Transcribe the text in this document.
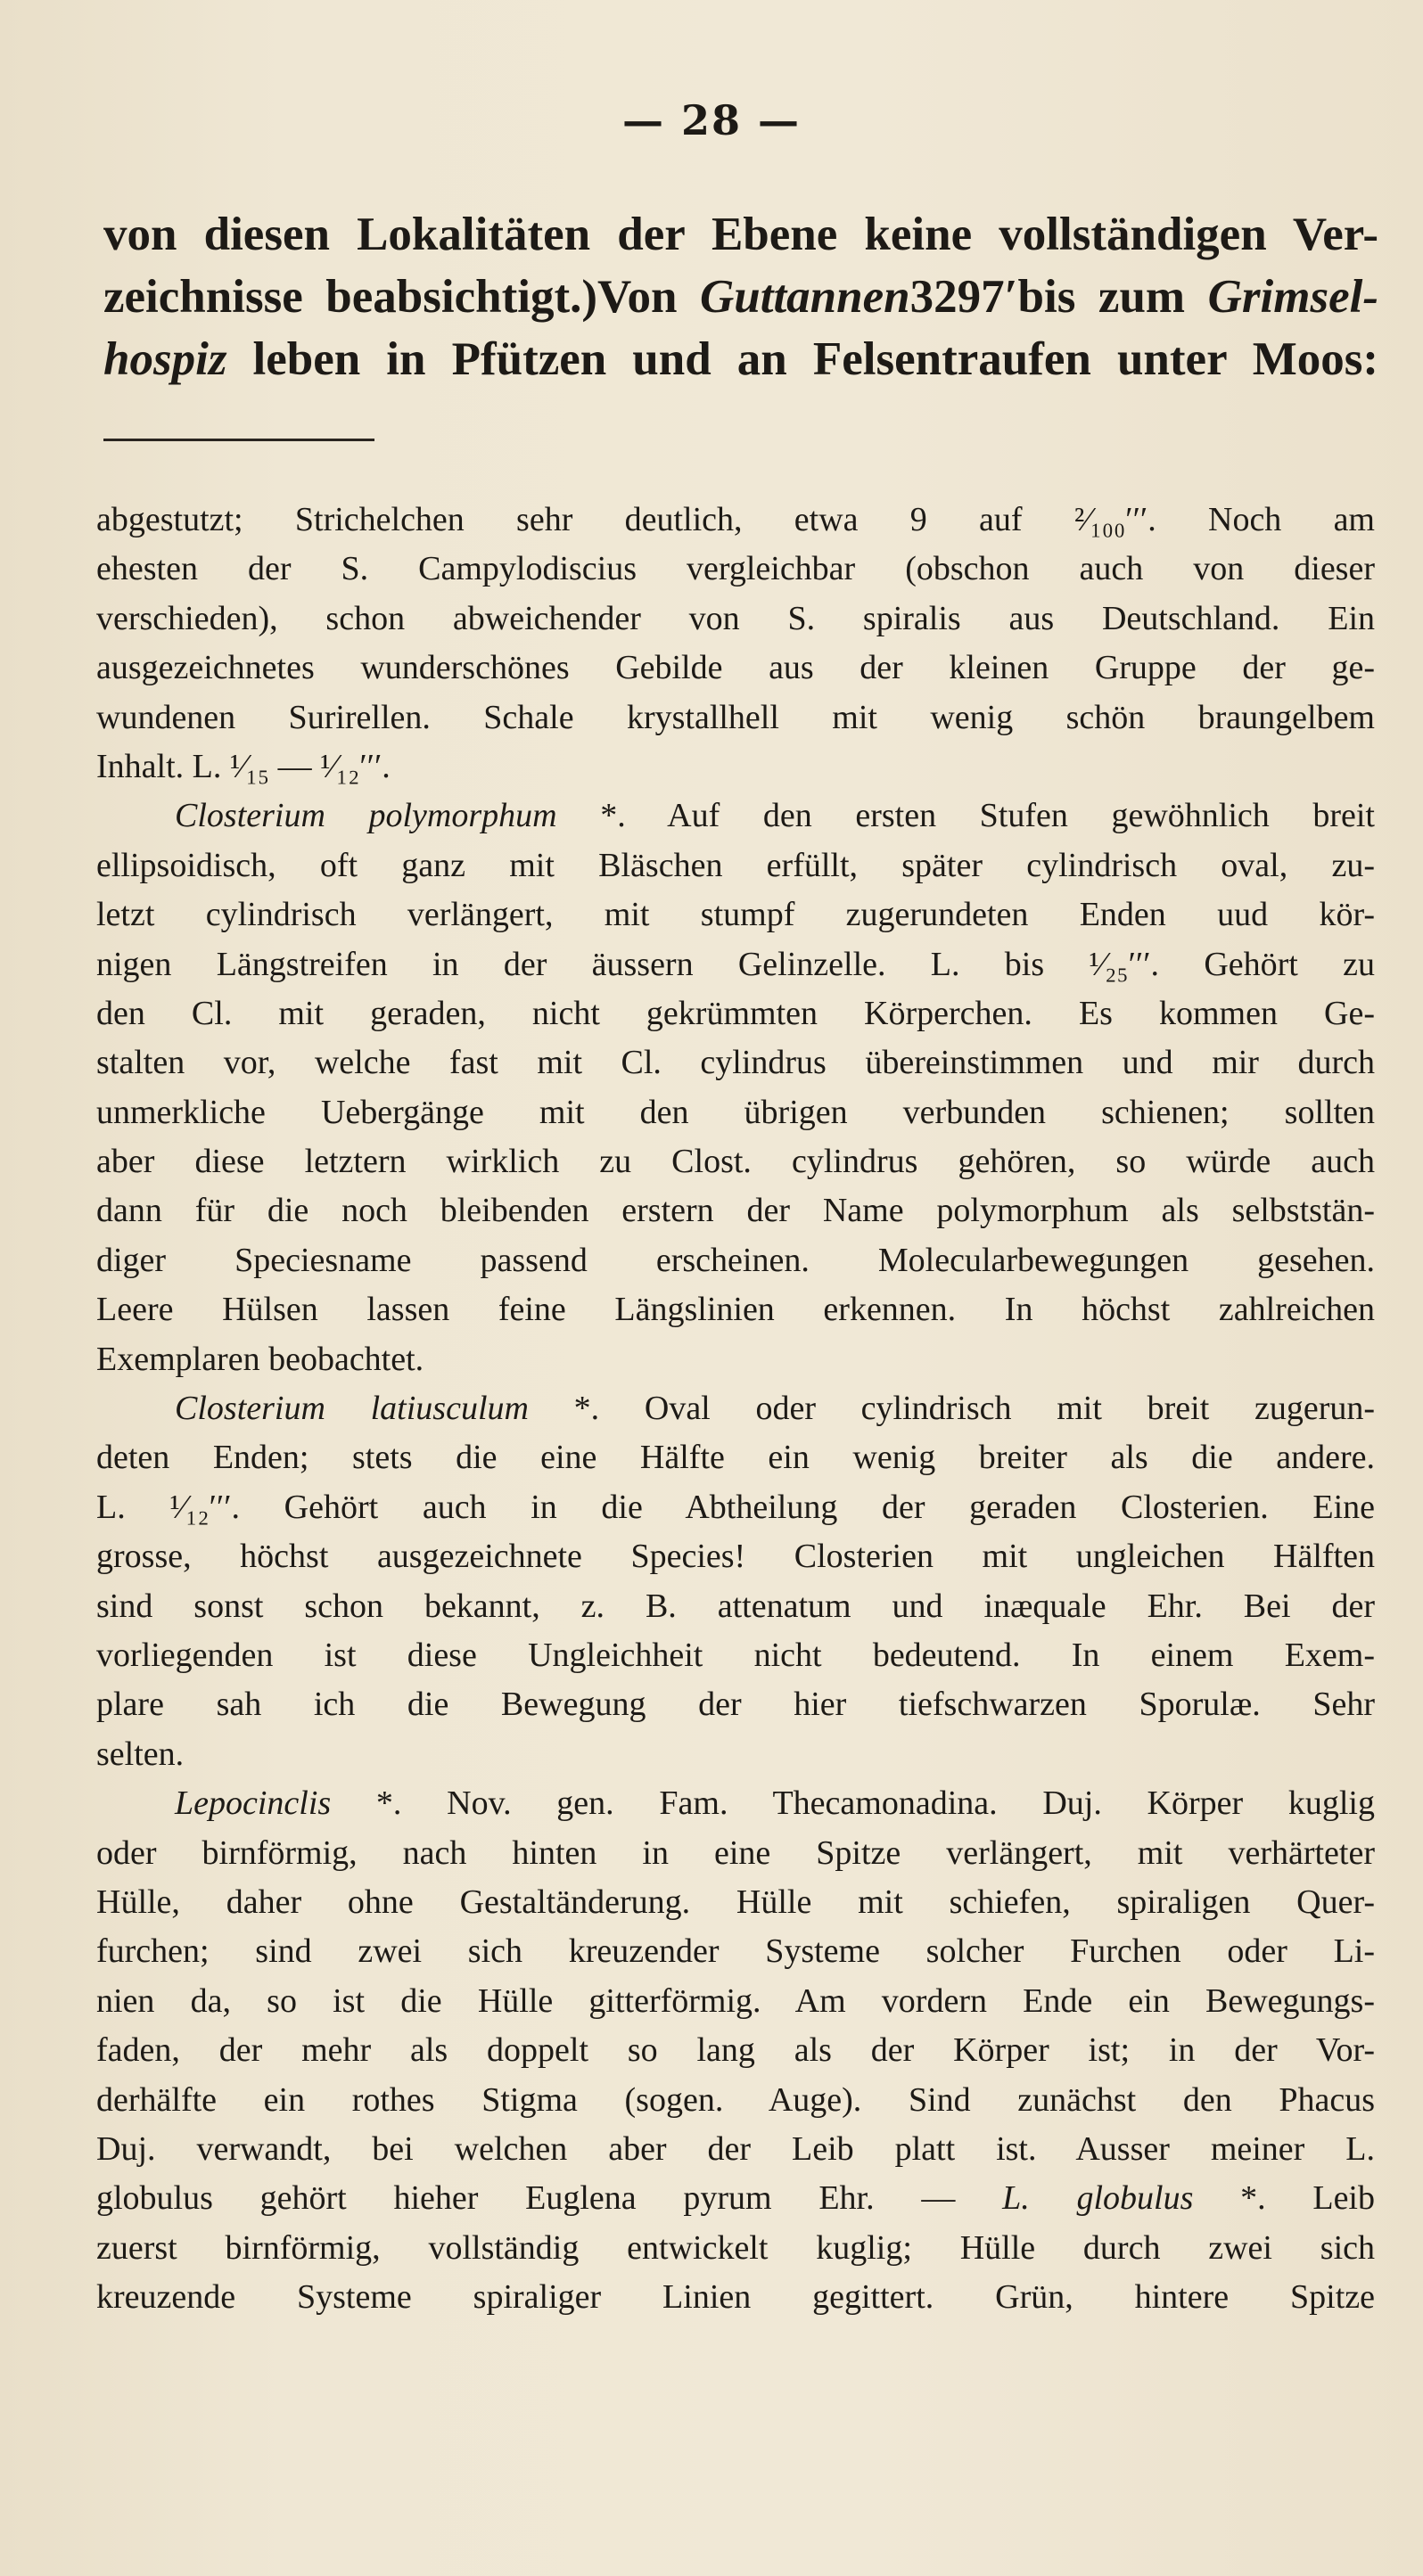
— 28 —
von diesen Lokalitäten der Ebene keine vollständigen Ver-
zeichnisse beabsichtigt.)Von Guttannen3297′bis zum Grimsel-
hospiz leben in Pfützen und an Felsentraufen unter Moos:
abgestutzt; Strichelchen sehr deutlich, etwa 9 auf ²⁄₁₀₀′′′. Noch am
ehesten der S. Campylodiscius vergleichbar (obschon auch von dieser
verschieden), schon abweichender von S. spiralis aus Deutschland. Ein
ausgezeichnetes wunderschönes Gebilde aus der kleinen Gruppe der ge-
wundenen Surirellen. Schale krystallhell mit wenig schön braungelbem
Inhalt. L. ¹⁄₁₅ — ¹⁄₁₂′′′.
Closterium polymorphum *. Auf den ersten Stufen gewöhnlich breit
ellipsoidisch, oft ganz mit Bläschen erfüllt, später cylindrisch oval, zu-
letzt cylindrisch verlängert, mit stumpf zugerundeten Enden uud kör-
nigen Längstreifen in der äussern Gelinzelle. L. bis ¹⁄₂₅′′′. Gehört zu
den Cl. mit geraden, nicht gekrümmten Körperchen. Es kommen Ge-
stalten vor, welche fast mit Cl. cylindrus übereinstimmen und mir durch
unmerkliche Uebergänge mit den übrigen verbunden schienen; sollten
aber diese letztern wirklich zu Clost. cylindrus gehören, so würde auch
dann für die noch bleibenden erstern der Name polymorphum als selbststän-
diger Speciesname passend erscheinen. Molecularbewegungen gesehen.
Leere Hülsen lassen feine Längslinien erkennen. In höchst zahlreichen
Exemplaren beobachtet.
Closterium latiusculum *. Oval oder cylindrisch mit breit zugerun-
deten Enden; stets die eine Hälfte ein wenig breiter als die andere.
L. ¹⁄₁₂′′′. Gehört auch in die Abtheilung der geraden Closterien. Eine
grosse, höchst ausgezeichnete Species! Closterien mit ungleichen Hälften
sind sonst schon bekannt, z. B. attenatum und inæquale Ehr. Bei der
vorliegenden ist diese Ungleichheit nicht bedeutend. In einem Exem-
plare sah ich die Bewegung der hier tiefschwarzen Sporulæ. Sehr
selten.
Lepocinclis *. Nov. gen. Fam. Thecamonadina. Duj. Körper kuglig
oder birnförmig, nach hinten in eine Spitze verlängert, mit verhärteter
Hülle, daher ohne Gestaltänderung. Hülle mit schiefen, spiraligen Quer-
furchen; sind zwei sich kreuzender Systeme solcher Furchen oder Li-
nien da, so ist die Hülle gitterförmig. Am vordern Ende ein Bewegungs-
faden, der mehr als doppelt so lang als der Körper ist; in der Vor-
derhälfte ein rothes Stigma (sogen. Auge). Sind zunächst den Phacus
Duj. verwandt, bei welchen aber der Leib platt ist. Ausser meiner L.
globulus gehört hieher Euglena pyrum Ehr. — L. globulus *. Leib
zuerst birnförmig, vollständig entwickelt kuglig; Hülle durch zwei sich
kreuzende Systeme spiraliger Linien gegittert. Grün, hintere Spitze
